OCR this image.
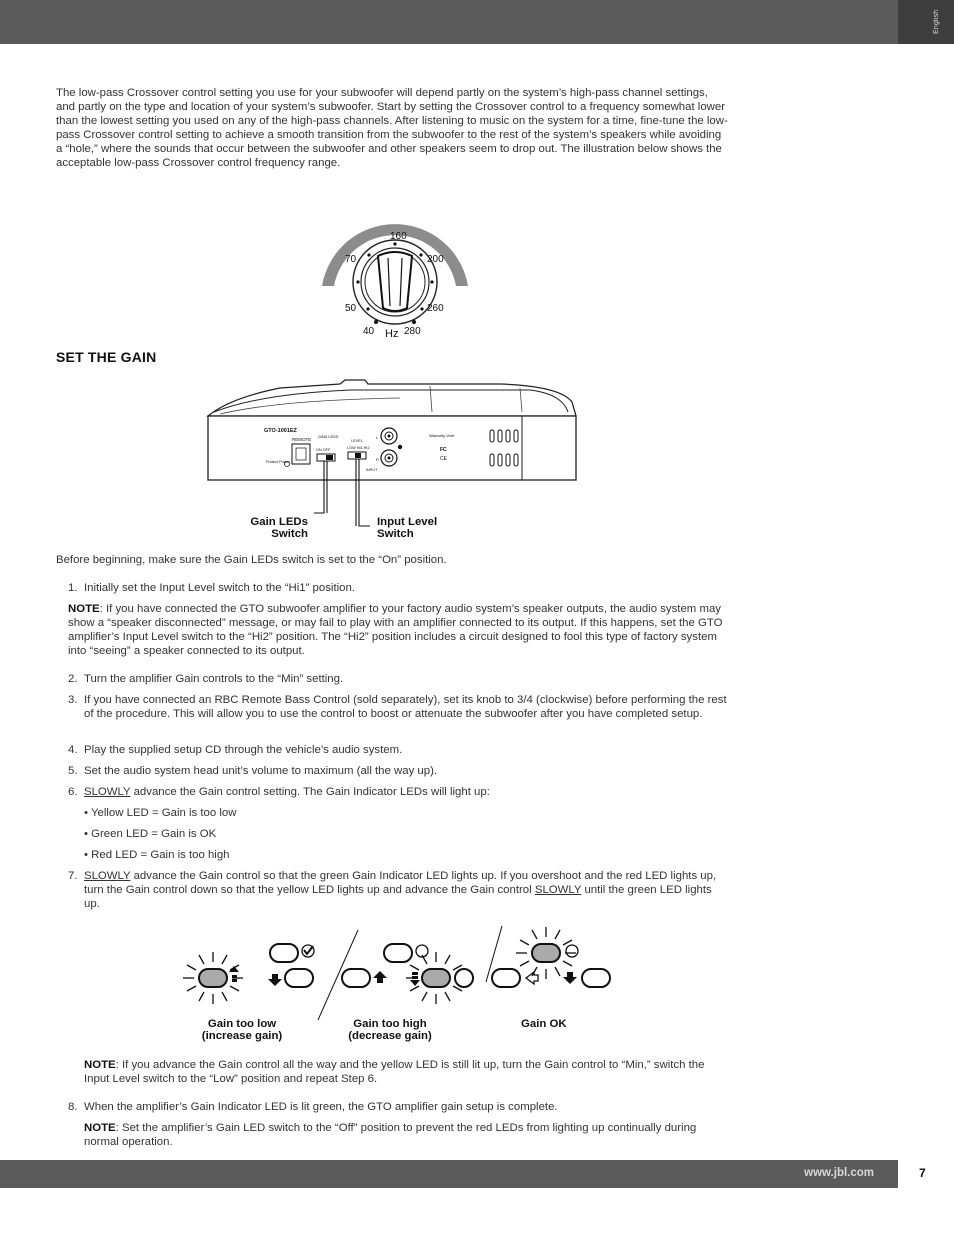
English

The low-pass Crossover control setting you use for your subwoofer will depend partly on the system’s high-pass channel settings, and partly on the type and location of your system’s subwoofer. Start by setting the Crossover control to a frequency somewhat lower than the lowest setting you used on any of the high-pass channels. After listening to music on the system for a time, fine-tune the low-pass Crossover control setting to achieve a smooth transition from the subwoofer to the rest of the system’s speakers while avoiding a “hole,” where the sounds that occur between the subwoofer and other speakers seem to drop out. The illustration below shows the acceptable low-pass Crossover control frequency range.

160
70	200
50	260
40	280
Hz
SET THE GAIN
GTO-1001EZ
REMOTE
Protect Power
GAIN LEDS
ON OFF
LEVEL
LOW HI1 HI2
INPUT
L
R
Warranty Void
FC
CE
Gain LEDs
Switch
Input Level
Switch

Before beginning, make sure the Gain LEDs switch is set to the “On” position.

1. Initially set the Input Level switch to the “Hi1” position.
NOTE: If you have connected the GTO subwoofer amplifier to your factory audio system’s speaker outputs, the audio system may show a “speaker disconnected” message, or may fail to play with an amplifier connected to its output. If this happens, set the GTO amplifier’s Input Level switch to the “Hi2” position. The “Hi2” position includes a circuit designed to fool this type of factory system into “seeing” a speaker connected to its output.
2. Turn the amplifier Gain controls to the “Min” setting.
3. If you have connected an RBC Remote Bass Control (sold separately), set its knob to 3/4 (clockwise) before performing the rest of the procedure. This will allow you to use the control to boost or attenuate the subwoofer after you have completed setup.
4. Play the supplied setup CD through the vehicle’s audio system.
5. Set the audio system head unit’s volume to maximum (all the way up).
6. SLOWLY advance the Gain control setting. The Gain Indicator LEDs will light up:
• Yellow LED = Gain is too low
• Green LED = Gain is OK
• Red LED = Gain is too high
7. SLOWLY advance the Gain control so that the green Gain Indicator LED lights up. If you overshoot and the red LED lights up, turn the Gain control down so that the yellow LED lights up and advance the Gain control SLOWLY until the green LED lights up.
Gain too low
(increase gain)
Gain too high
(decrease gain)
Gain OK
NOTE: If you advance the Gain control all the way and the yellow LED is still lit up, turn the Gain control to “Min,” switch the Input Level switch to the “Low” position and repeat Step 6.
8. When the amplifier’s Gain Indicator LED is lit green, the GTO amplifier gain setup is complete.
NOTE: Set the amplifier’s Gain LED switch to the “Off” position to prevent the red LEDs from lighting up continually during normal operation.
www.jbl.com	7
